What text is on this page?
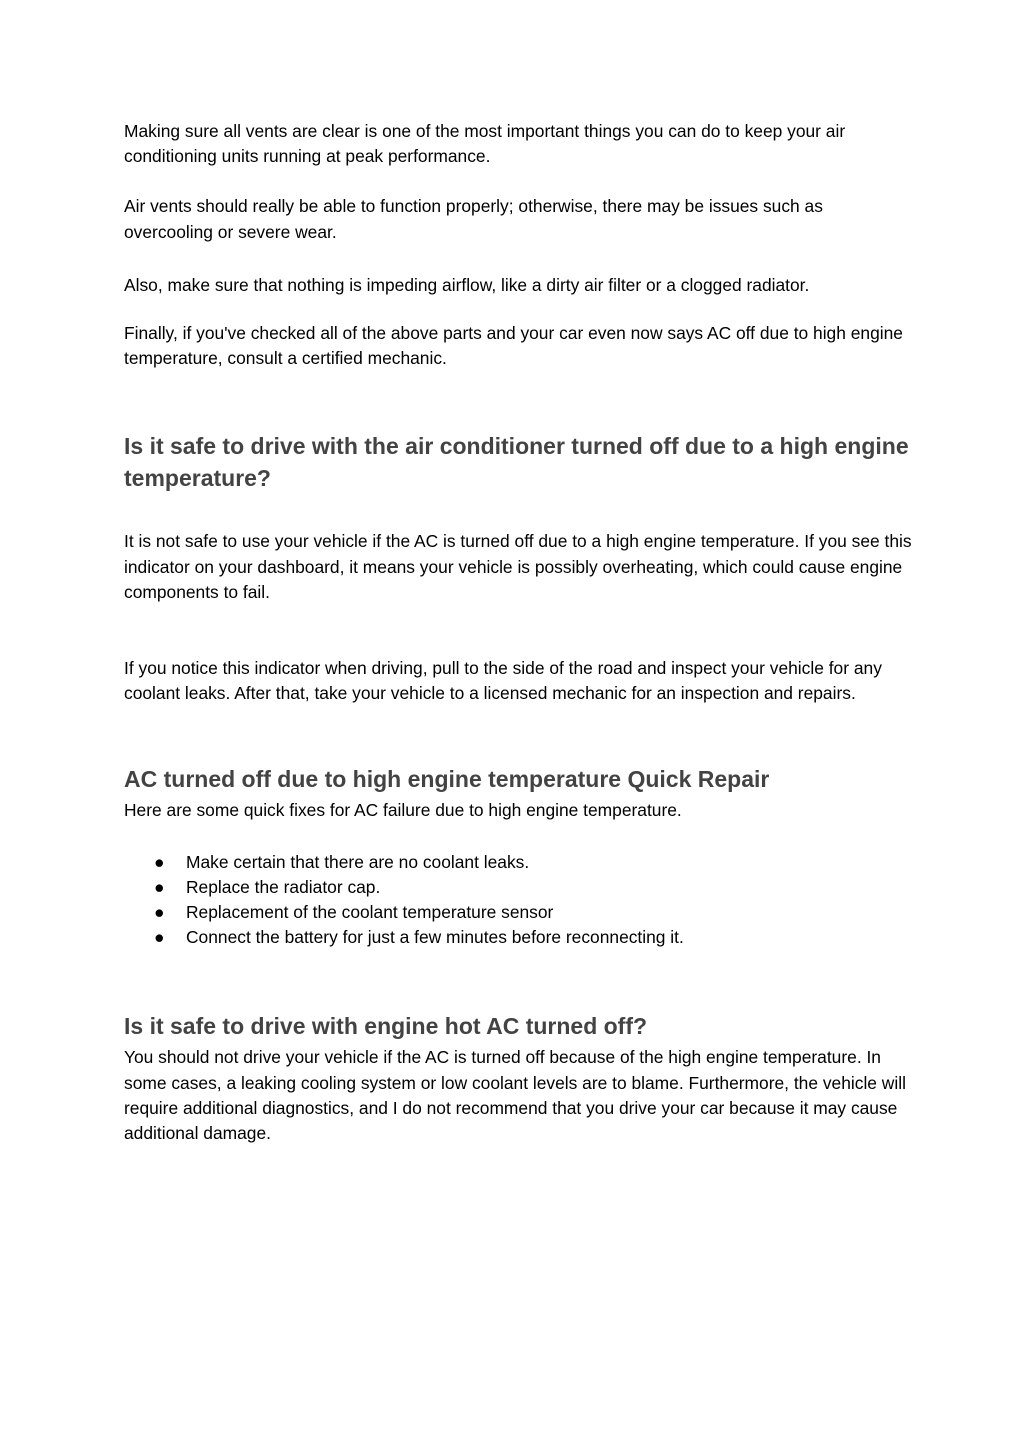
Making sure all vents are clear is one of the most important things you can do to keep your air conditioning units running at peak performance.

Air vents should really be able to function properly; otherwise, there may be issues such as overcooling or severe wear.

Also, make sure that nothing is impeding airflow, like a dirty air filter or a clogged radiator.

Finally, if you've checked all of the above parts and your car even now says AC off due to high engine temperature, consult a certified mechanic.

Is it safe to drive with the air conditioner turned off due to a high engine temperature?

It is not safe to use your vehicle if the AC is turned off due to a high engine temperature. If you see this indicator on your dashboard, it means your vehicle is possibly overheating, which could cause engine components to fail.

If you notice this indicator when driving, pull to the side of the road and inspect your vehicle for any coolant leaks. After that, take your vehicle to a licensed mechanic for an inspection and repairs.

AC turned off due to high engine temperature Quick Repair

Here are some quick fixes for AC failure due to high engine temperature.

● Make certain that there are no coolant leaks.
● Replace the radiator cap.
● Replacement of the coolant temperature sensor
● Connect the battery for just a few minutes before reconnecting it.
Is it safe to drive with engine hot AC turned off?

You should not drive your vehicle if the AC is turned off because of the high engine temperature. In some cases, a leaking cooling system or low coolant levels are to blame. Furthermore, the vehicle will require additional diagnostics, and I do not recommend that you drive your car because it may cause additional damage.
